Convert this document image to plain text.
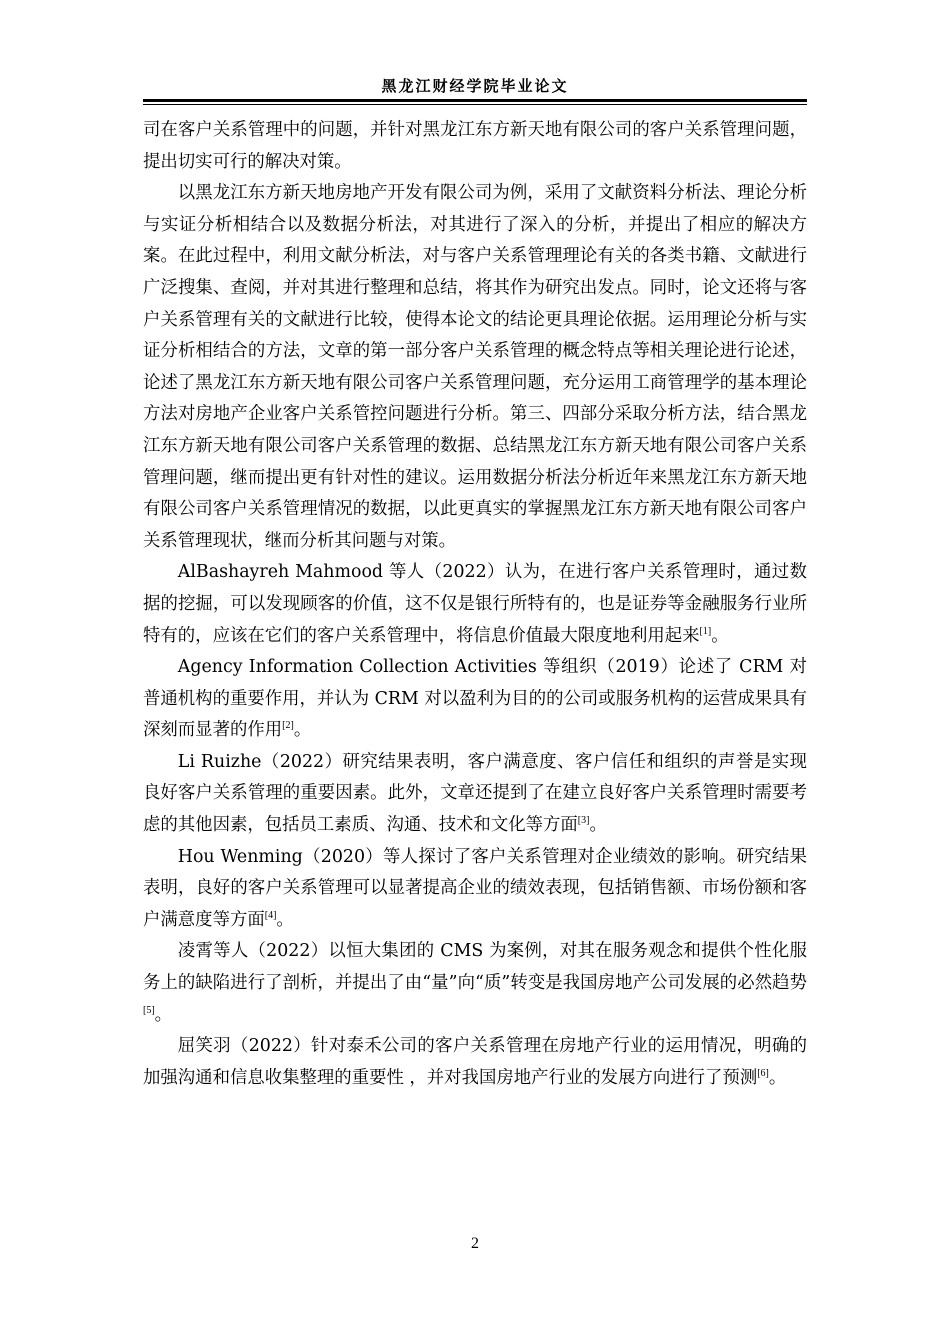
黑龙江财经学院毕业论文

司在客户关系管理中的问题，并针对黑龙江东方新天地有限公司的客户关系管理问题，提出切实可行的解决对策。

以黑龙江东方新天地房地产开发有限公司为例，采用了文献资料分析法、理论分析与实证分析相结合以及数据分析法，对其进行了深入的分析，并提出了相应的解决方案。在此过程中，利用文献分析法，对与客户关系管理理论有关的各类书籍、文献进行广泛搜集、查阅，并对其进行整理和总结，将其作为研究出发点。同时，论文还将与客户关系管理有关的文献进行比较，使得本论文的结论更具理论依据。运用理论分析与实证分析相结合的方法，文章的第一部分客户关系管理的概念特点等相关理论进行论述，论述了黑龙江东方新天地有限公司客户关系管理问题，充分运用工商管理学的基本理论方法对房地产企业客户关系管控问题进行分析。第三、四部分采取分析方法，结合黑龙江东方新天地有限公司客户关系管理的数据、总结黑龙江东方新天地有限公司客户关系管理问题，继而提出更有针对性的建议。运用数据分析法分析近年来黑龙江东方新天地有限公司客户关系管理情况的数据，以此更真实的掌握黑龙江东方新天地有限公司客户关系管理现状，继而分析其问题与对策。

AlBashayreh Mahmood 等人（2022）认为，在进行客户关系管理时，通过数据的挖掘，可以发现顾客的价值，这不仅是银行所特有的，也是证券等金融服务行业所特有的，应该在它们的客户关系管理中，将信息价值最大限度地利用起来[1]。

Agency Information Collection Activities 等组织（2019）论述了 CRM 对普通机构的重要作用，并认为 CRM 对以盈利为目的的公司或服务机构的运营成果具有深刻而显著的作用[2]。

Li Ruizhe（2022）研究结果表明，客户满意度、客户信任和组织的声誉是实现良好客户关系管理的重要因素。此外，文章还提到了在建立良好客户关系管理时需要考虑的其他因素，包括员工素质、沟通、技术和文化等方面[3]。

Hou Wenming（2020）等人探讨了客户关系管理对企业绩效的影响。研究结果表明，良好的客户关系管理可以显著提高企业的绩效表现，包括销售额、市场份额和客户满意度等方面[4]。

凌霄等人（2022）以恒大集团的 CMS 为案例，对其在服务观念和提供个性化服务上的缺陷进行了剖析，并提出了由“量”向“质”转变是我国房地产公司发展的必然趋势[5]。

屈笑羽（2022）针对泰禾公司的客户关系管理在房地产行业的运用情况，明确的加强沟通和信息收集整理的重要性 ，并对我国房地产行业的发展方向进行了预测[6]。

2
